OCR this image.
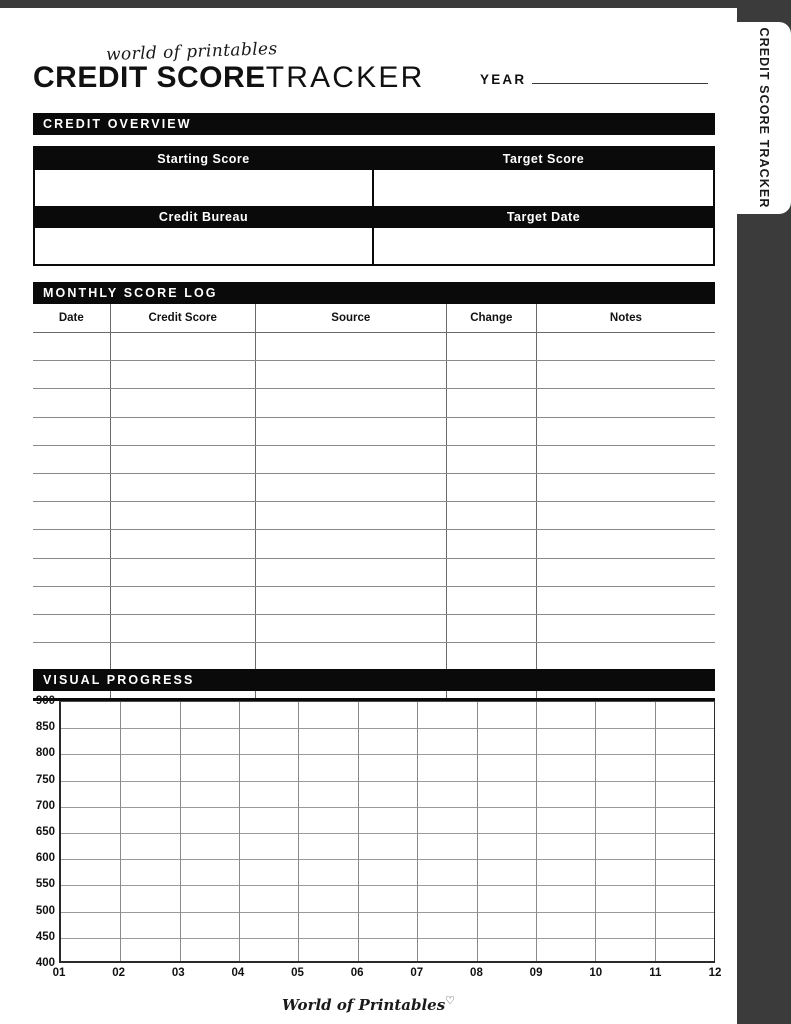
CREDIT SCORE TRACKER
world of printables
CREDIT SCORETRACKER	YEAR
CREDIT OVERVIEW
Starting Score	Target Score
Credit Bureau	Target Date
MONTHLY SCORE LOG
Date	Credit Score	Source	Change	Notes

VISUAL PROGRESS
900
850
800
750
700
650
600
550
500
450
400
01	02	03	04	05	06	07	08	09	10	11	12
World of Printables♡
